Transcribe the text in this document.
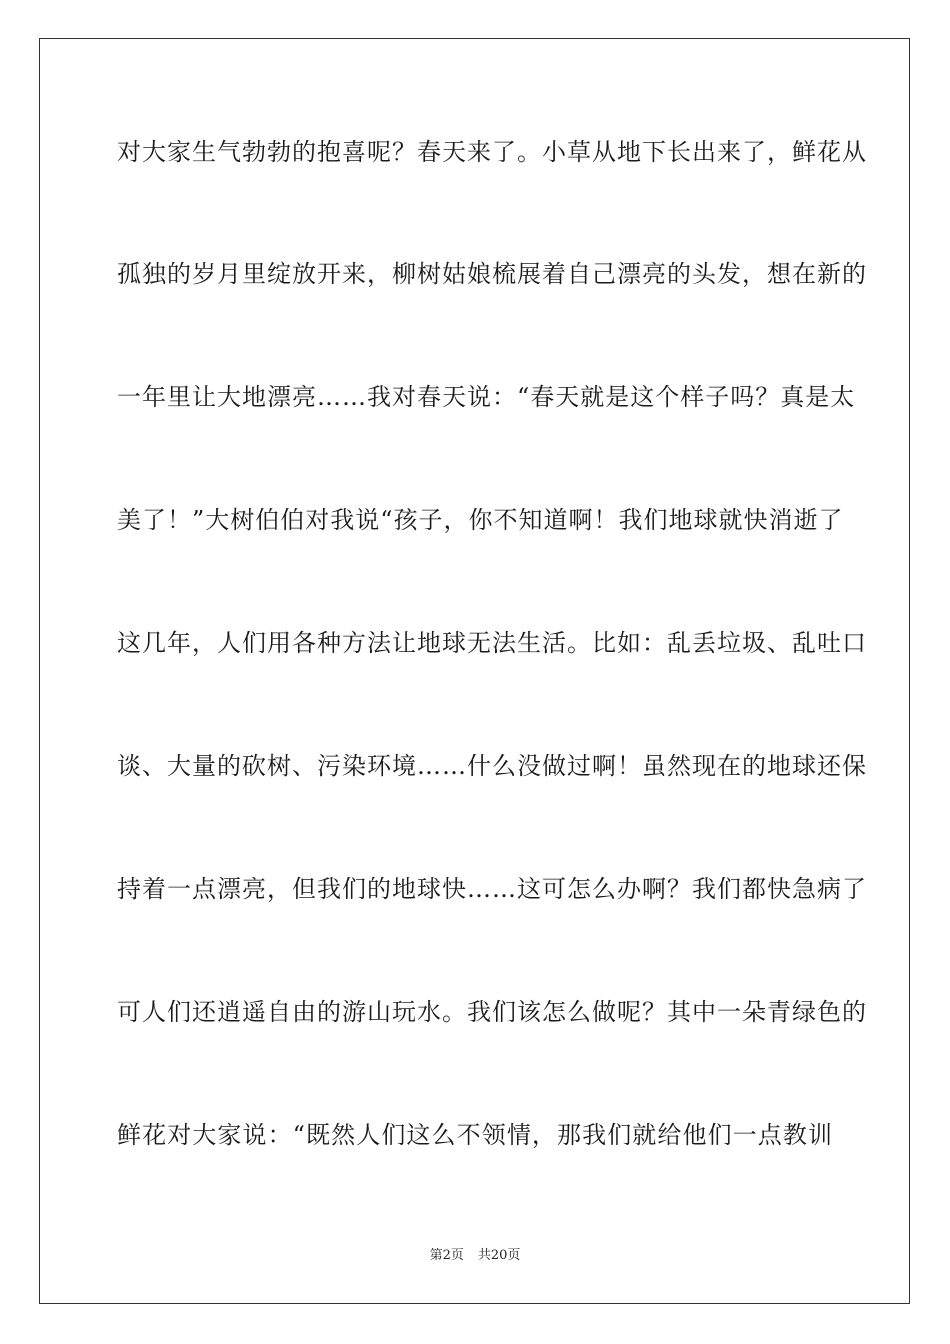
对大家生气勃勃的抱喜呢？春天来了。小草从地下长出来了，鲜花从
孤独的岁月里绽放开来，柳树姑娘梳展着自己漂亮的头发，想在新的
一年里让大地漂亮……我对春天说：“春天就是这个样子吗？真是太
美了！”大树伯伯对我说“孩子，你不知道啊！我们地球就快消逝了
这几年，人们用各种方法让地球无法生活。比如：乱丢垃圾、乱吐口
谈、大量的砍树、污染环境……什么没做过啊！虽然现在的地球还保
持着一点漂亮，但我们的地球快……这可怎么办啊？我们都快急病了
可人们还逍遥自由的游山玩水。我们该怎么做呢？其中一朵青绿色的
鲜花对大家说：“既然人们这么不领情，那我们就给他们一点教训
第2页 共20页
